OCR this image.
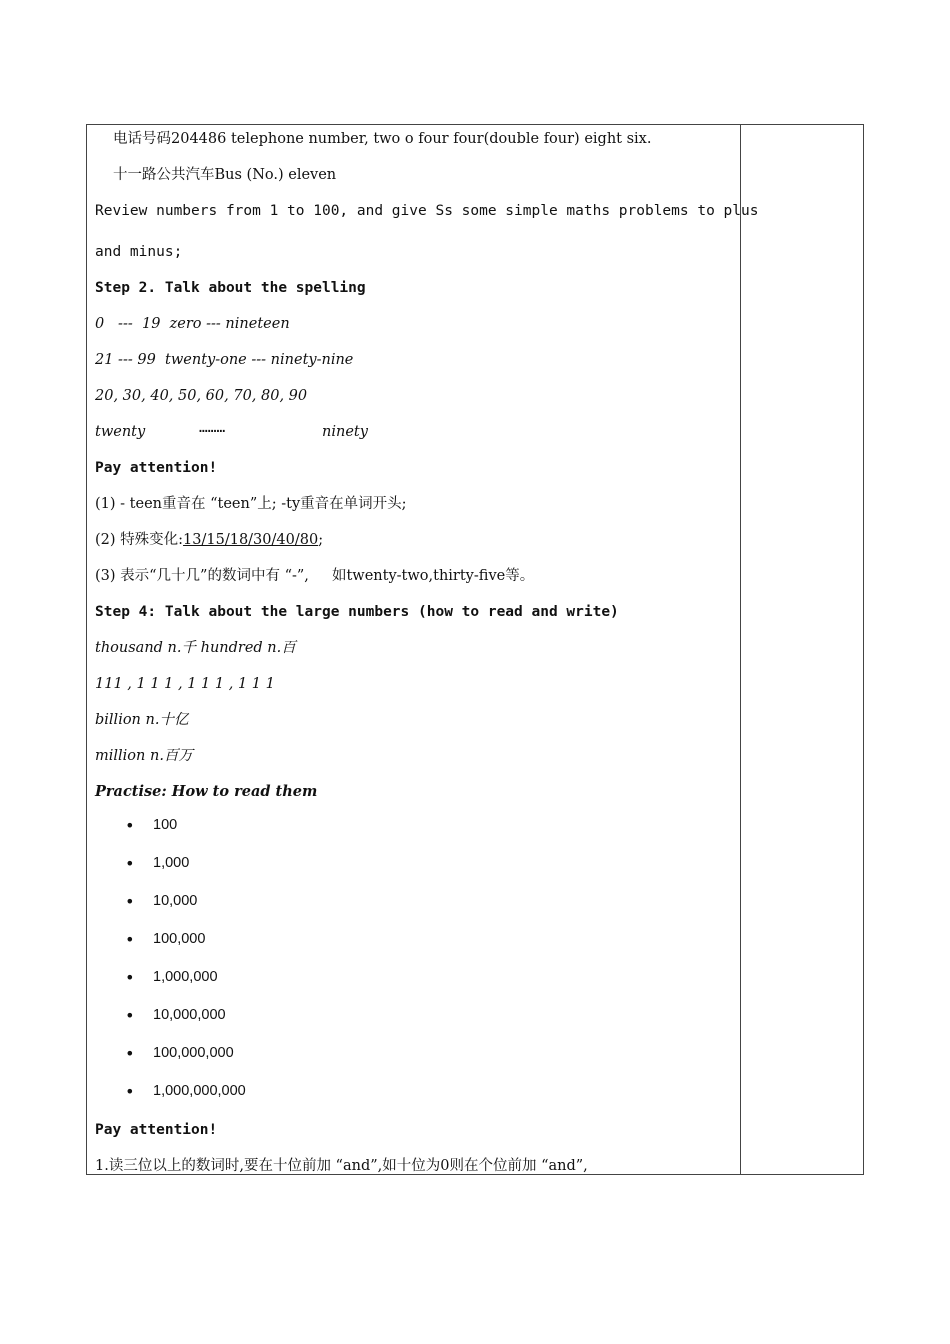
电话号码204486 telephone number, two o four four(double four) eight six.
十一路公共汽车Bus (No.) eleven
Review numbers from 1 to 100, and give Ss some simple maths problems to plus
and minus;
Step 2. Talk about the spelling
0   ---  19  zero --- nineteen
21 --- 99  twenty-one --- ninety-nine
20, 30, 40, 50, 60, 70, 80, 90
twenty	………	ninety
Pay attention!
(1) - teen重音在 “teen”上; -ty重音在单词开头;
(2) 特殊变化:13/15/18/30/40/80;
(3) 表示“几十几”的数词中有 “-”,     如twenty-two,thirty-five等。
Step 4: Talk about the large numbers (how to read and write)
thousand n.千 hundred n.百
111 , 1 1 1 , 1 1 1 , 1 1 1
billion n.十亿
million n.百万
Practise: How to read them
• 100
• 1,000
• 10,000
• 100,000
• 1,000,000
• 10,000,000
• 100,000,000
• 1,000,000,000
Pay attention!
1.读三位以上的数词时,要在十位前加 “and”,如十位为0则在个位前加 “and”,
